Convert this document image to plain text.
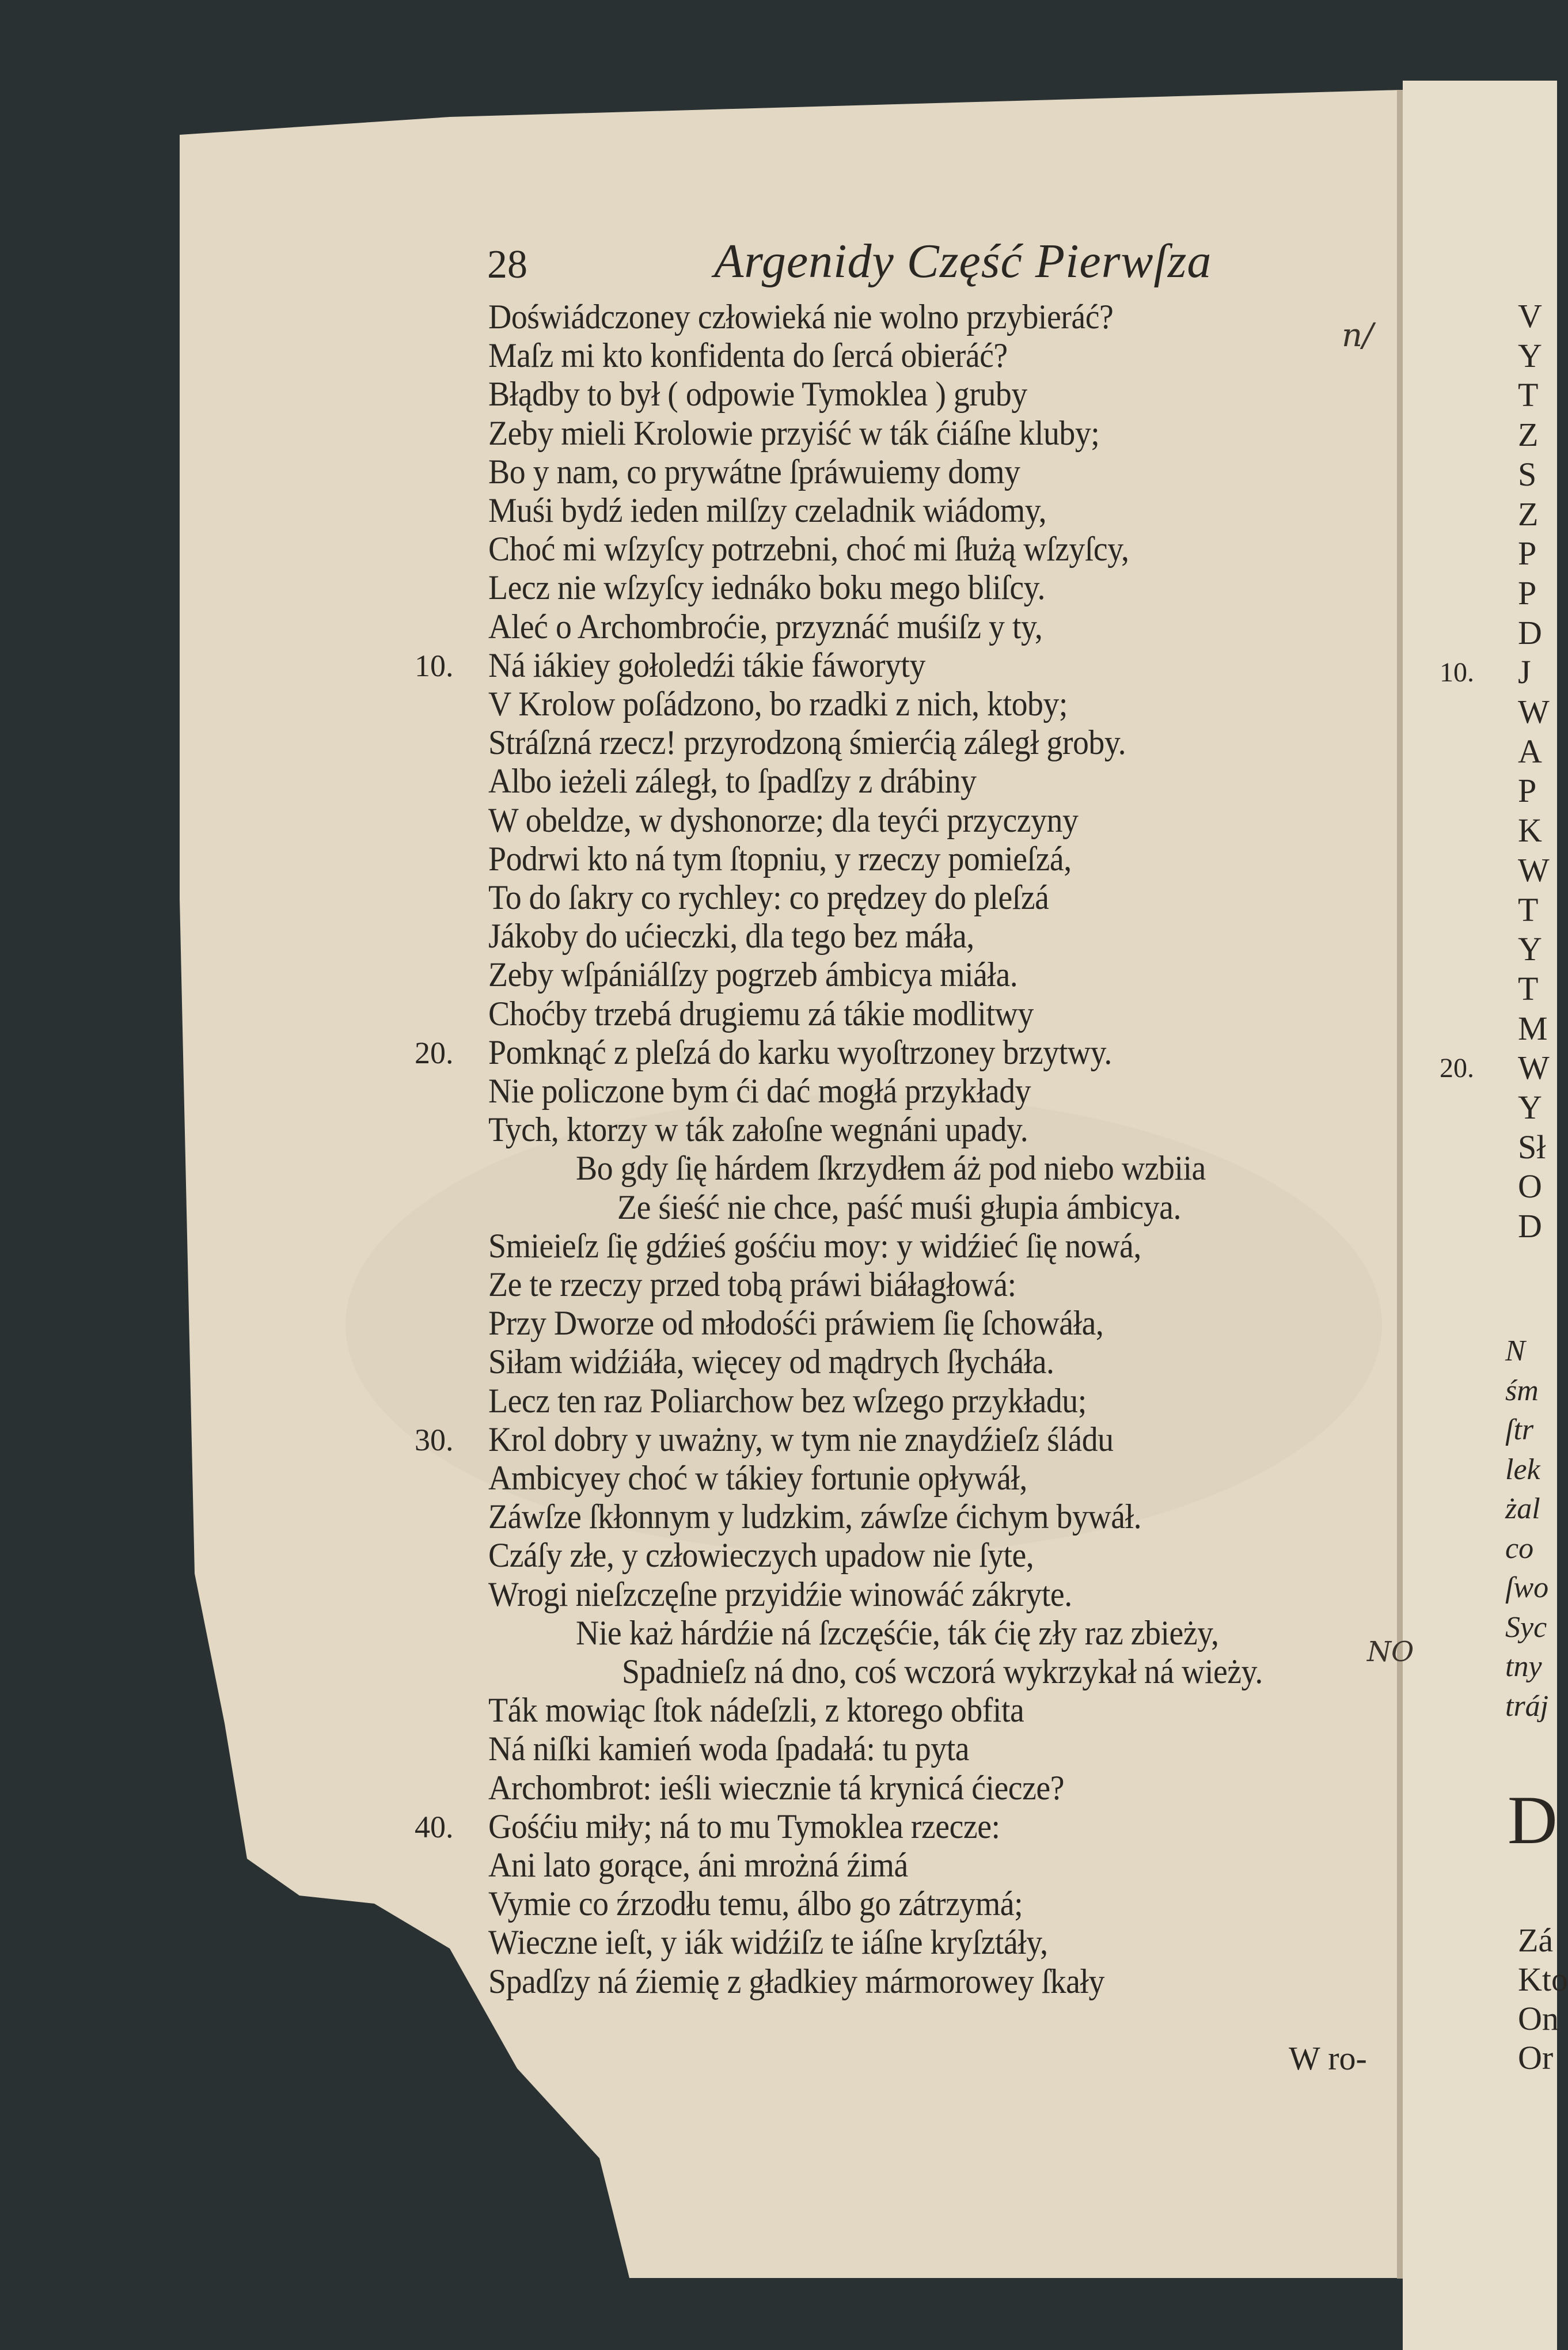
28	Argenidy Część Pierwſza
Doświádczoney człowieká nie wolno przybieráć?
Maſz mi kto konfidenta do ſercá obieráć?
Błądby to był ( odpowie Tymoklea ) gruby
Zeby mieli Krolowie przyiść w ták ćiáſne kluby;
Bo y nam, co prywátne ſpráwuiemy domy
Muśi bydź ieden milſzy czeladnik wiádomy,
Choć mi wſzyſcy potrzebni, choć mi ſłużą wſzyſcy,
Lecz nie wſzyſcy iednáko boku mego bliſcy.
Aleć o Archombroćie, przyznáć muśiſz y ty,
Ná iákiey gołoledźi tákie fáworyty
10.
V Krolow poſádzono, bo rzadki z nich, ktoby;
Stráſzná rzecz! przyrodzoną śmierćią záległ groby.
Albo ieżeli záległ, to ſpadſzy z drábiny
W obeldze, w dyshonorze; dla teyći przyczyny
Podrwi kto ná tym ſtopniu, y rzeczy pomieſzá,
To do ſakry co rychley: co prędzey do pleſzá
Jákoby do ućieczki, dla tego bez máła,
Zeby wſpániálſzy pogrzeb ámbicya miáła.
Choćby trzebá drugiemu zá tákie modlitwy
Pomknąć z pleſzá do karku wyoſtrzoney brzytwy.
20.
Nie policzone bym ći dać mogłá przykłady
Tych, ktorzy w ták załoſne wegnáni upady.
Bo gdy ſię hárdem ſkrzydłem áż pod niebo wzbiia
Ze śieść nie chce, paść muśi głupia ámbicya.
Smieieſz ſię gdźieś gośćiu moy: y widźieć ſię nowá,
Ze te rzeczy przed tobą práwi biáłagłowá:
Przy Dworze od młodośći práwiem ſię ſchowáła,
Siłam widźiáła, więcey od mądrych ſłycháła.
Lecz ten raz Poliarchow bez wſzego przykładu;
Krol dobry y uważny, w tym nie znaydźieſz śládu
30.
Ambicyey choć w tákiey fortunie opływáł,
Záwſze ſkłonnym y ludzkim, záwſze ćichym bywáł.
Czáſy złe, y człowieczych upadow nie ſyte,
Wrogi nieſzczęſne przyidźie winowáć zákryte.
Nie każ hárdźie ná ſzczęśćie, ták ćię zły raz zbieży,
Spadnieſz ná dno, coś wczorá wykrzykał ná wieży.
Ták mowiąc ſtok nádeſzli, z ktorego obfita
Ná niſki kamień woda ſpadałá: tu pyta
Archombrot: ieśli wiecznie tá krynicá ćiecze?
Gośćiu miły; ná to mu Tymoklea rzecze:
40.
Ani lato gorące, áni mrożná źimá
Vymie co źrzodłu temu, álbo go zátrzymá;
Wieczne ieſt, y iák widźiſz te iáſne kryſztáły,
Spadſzy ná źiemię z gładkiey mármorowey ſkały
V
Y
T
Z
S
Z
P
P
D
J
W
A
P
K
W
T
Y
T
M
W
Y
Sł
O
D
10.
20.
N
śm
ſtr
lek
żal
co
ſwo
Syc
tny
tráj
D
Zá
Kto
On
Or
W ro-
n/
NO
